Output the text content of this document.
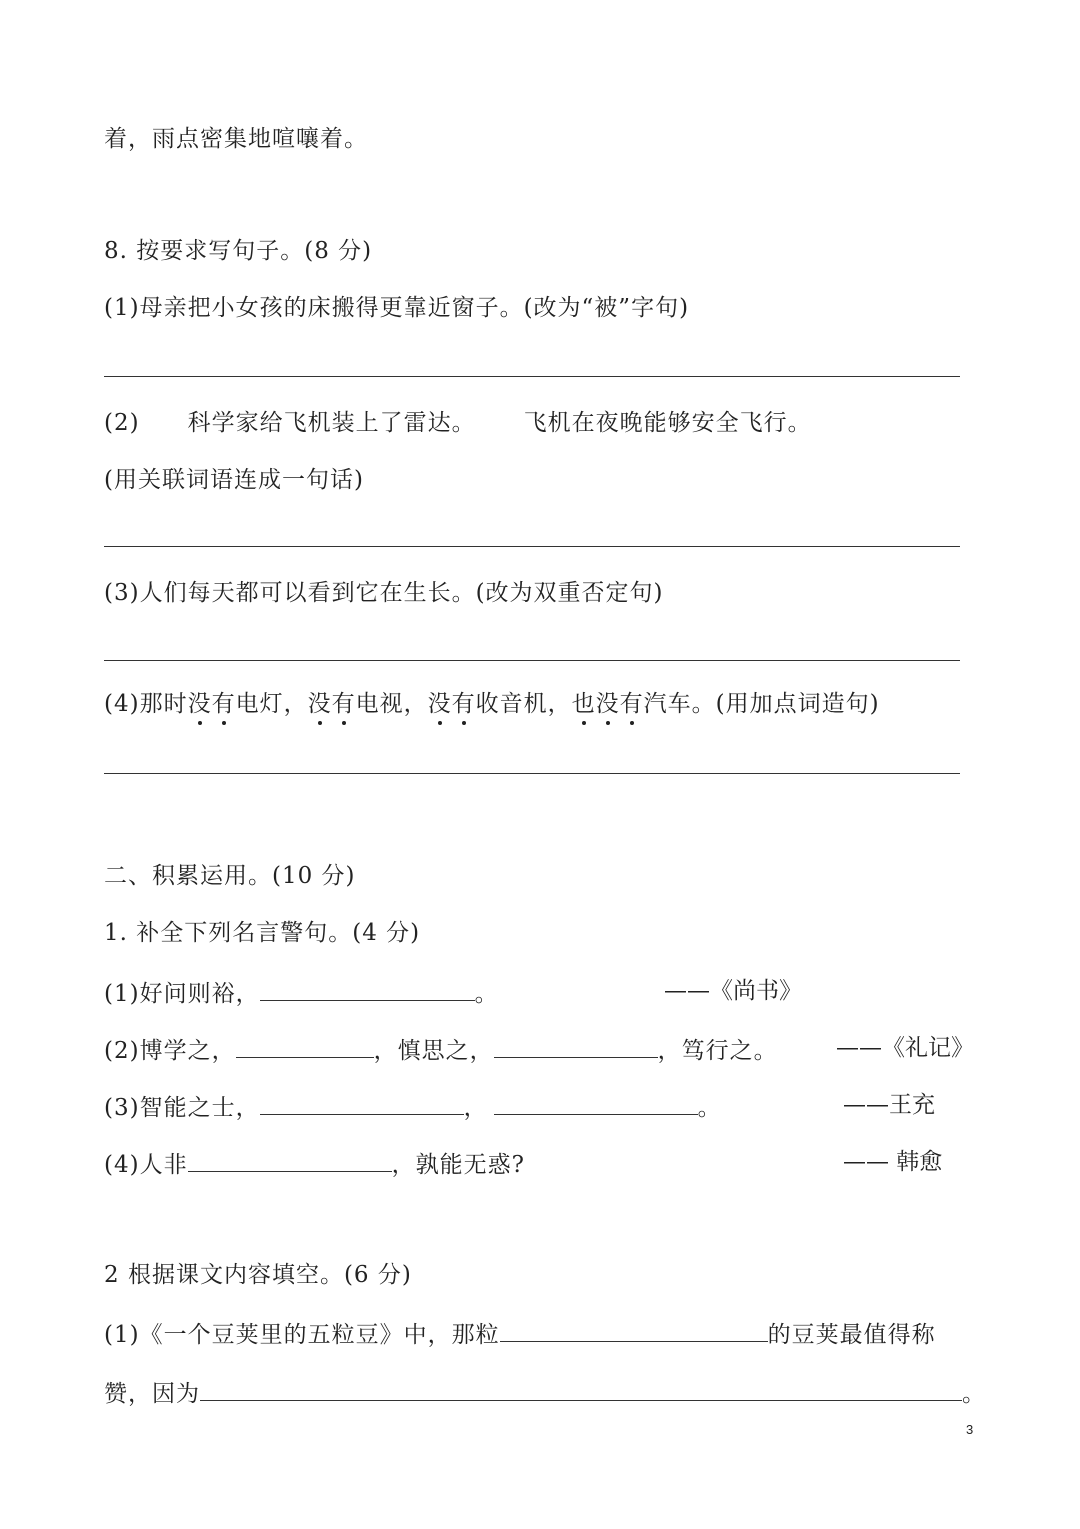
着，雨点密集地喧嚷着。
8. 按要求写句子。(8 分)
(1)母亲把小女孩的床搬得更靠近窗子。(改为“被”字句)
(2) 科学家给飞机装上了雷达。 飞机在夜晚能够安全飞行。
(用关联词语连成一句话)
(3)人们每天都可以看到它在生长。(改为双重否定句)
(4)那时没有电灯，没有电视，没有收音机，也没有汽车。(用加点词造句)
二、积累运用。(10 分)
1. 补全下列名言警句。(4 分)
(1)好问则裕，	。	——《尚书》
(2)博学之，	，慎思之，	，笃行之。	——《礼记》
(3)智能之士，	，	。	——王充
(4)人非	，孰能无惑?	—— 韩愈
2 根据课文内容填空。(6 分)
(1)《一个豆荚里的五粒豆》中，那粒	的豆荚最值得称
赞，因为	。
3
